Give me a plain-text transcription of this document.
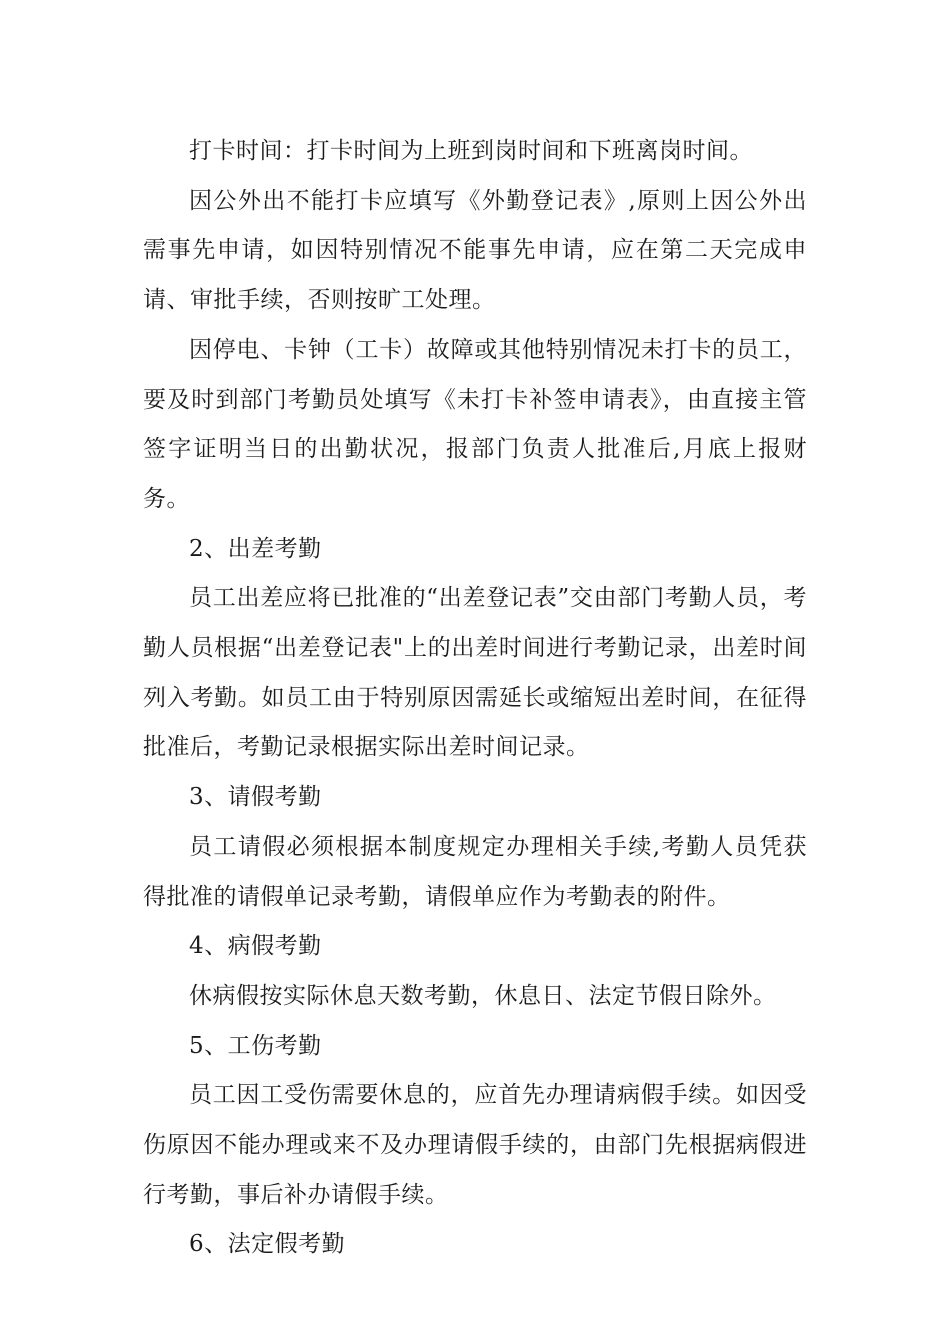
打卡时间：打卡时间为上班到岗时间和下班离岗时间。

因公外出不能打卡应填写《外勤登记表》,原则上因公外出需事先申请，如因特别情况不能事先申请，应在第二天完成申请、审批手续，否则按旷工处理。

因停电、卡钟（工卡）故障或其他特别情况未打卡的员工，要及时到部门考勤员处填写《未打卡补签申请表》，由直接主管签字证明当日的出勤状况，报部门负责人批准后,月底上报财务。

2、出差考勤

员工出差应将已批准的“出差登记表”交由部门考勤人员，考勤人员根据“出差登记表"上的出差时间进行考勤记录，出差时间列入考勤。如员工由于特别原因需延长或缩短出差时间，在征得批准后，考勤记录根据实际出差时间记录。

3、请假考勤

员工请假必须根据本制度规定办理相关手续,考勤人员凭获得批准的请假单记录考勤，请假单应作为考勤表的附件。

4、病假考勤

休病假按实际休息天数考勤，休息日、法定节假日除外。

5、工伤考勤

员工因工受伤需要休息的，应首先办理请病假手续。如因受伤原因不能办理或来不及办理请假手续的，由部门先根据病假进行考勤，事后补办请假手续。

6、法定假考勤
